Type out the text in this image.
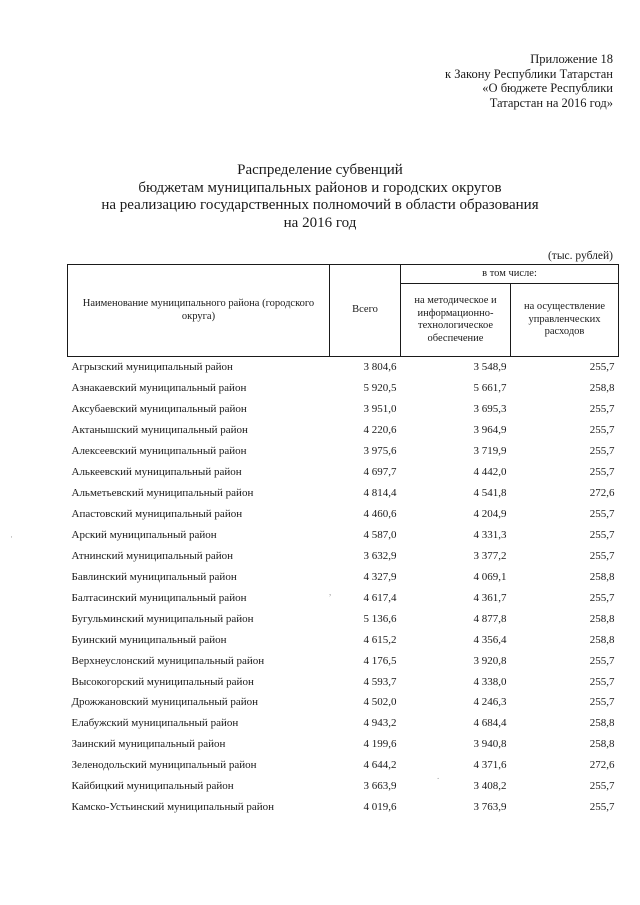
Приложение 18
к Закону Республики Татарстан
«О бюджете Республики
Татарстан на 2016 год»
Распределение субвенций
бюджетам муниципальных районов и городских округов
на реализацию государственных полномочий в области образования
на 2016 год
(тыс. рублей)
Наименование муниципального района (городского округа)	Всего	в том числе:	
		на методическое и информационно-технологическое обеспечение	на осуществление управленческих расходов
Агрызский муниципальный район	3 804,6	3 548,9	255,7
Азнакаевский муниципальный район	5 920,5	5 661,7	258,8
Аксубаевский муниципальный район	3 951,0	3 695,3	255,7
Актанышский муниципальный район	4 220,6	3 964,9	255,7
Алексеевский муниципальный район	3 975,6	3 719,9	255,7
Алькеевский муниципальный район	4 697,7	4 442,0	255,7
Альметьевский муниципальный район	4 814,4	4 541,8	272,6
Апастовский муниципальный район	4 460,6	4 204,9	255,7
Арский муниципальный район	4 587,0	4 331,3	255,7
Атнинский муниципальный район	3 632,9	3 377,2	255,7
Бавлинский муниципальный район	4 327,9	4 069,1	258,8
Балтасинский муниципальный район	4 617,4	4 361,7	255,7
Бугульминский муниципальный район	5 136,6	4 877,8	258,8
Буинский муниципальный район	4 615,2	4 356,4	258,8
Верхнеуслонский муниципальный район	4 176,5	3 920,8	255,7
Высокогорский муниципальный район	4 593,7	4 338,0	255,7
Дрожжановский муниципальный район	4 502,0	4 246,3	255,7
Елабужский муниципальный район	4 943,2	4 684,4	258,8
Заинский муниципальный район	4 199,6	3 940,8	258,8
Зеленодольский муниципальный район	4 644,2	4 371,6	272,6
Кайбицкий муниципальный район	3 663,9	3 408,2	255,7
Камско-Устьинский муниципальный район	4 019,6	3 763,9	255,7
,
.
·
